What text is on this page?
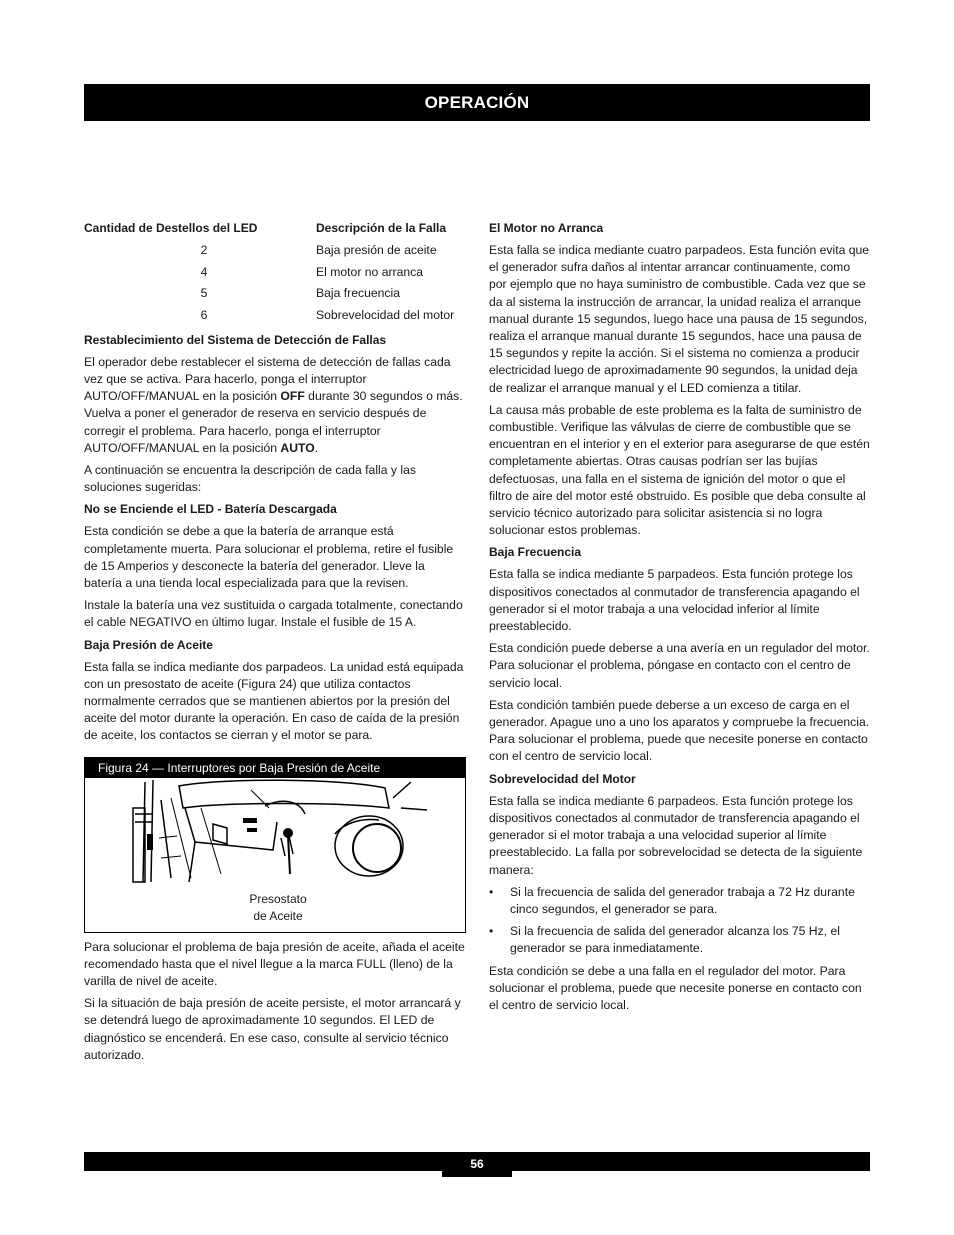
OPERACIÓN
Cantidad de Destellos del LED	Descripción de la Falla
2	Baja presión de aceite
4	El motor no arranca
5	Baja frecuencia
6	Sobrevelocidad del motor
Restablecimiento del Sistema de Detección de Fallas

El operador debe restablecer el sistema de detección de fallas cada vez que se activa. Para hacerlo, ponga el interruptor AUTO/OFF/MANUAL en la posición OFF durante 30 segundos o más. Vuelva a poner el generador de reserva en servicio después de corregir el problema. Para hacerlo, ponga el interruptor AUTO/OFF/MANUAL en la posición AUTO.

A continuación se encuentra la descripción de cada falla y las soluciones sugeridas:

No se Enciende el LED - Batería Descargada

Esta condición se debe a que la batería de arranque está completamente muerta. Para solucionar el problema, retire el fusible de 15 Amperios y desconecte la batería del generador. Lleve la batería a una tienda local especializada para que la revisen.

Instale la batería una vez sustituida o cargada totalmente, conectando el cable NEGATIVO en último lugar. Instale el fusible de 15 A.

Baja Presión de Aceite

Esta falla se indica mediante dos parpadeos. La unidad está equipada con un presostato de aceite (Figura 24) que utiliza contactos normalmente cerrados que se mantienen abiertos por la presión del aceite del motor durante la operación. En caso de caída de la presión de aceite, los contactos se cierran y el motor se para.

Figura 24 — Interruptores por Baja Presión de Aceite
Presostato
de Aceite

Para solucionar el problema de baja presión de aceite, añada el aceite recomendado hasta que el nivel llegue a la marca FULL (lleno) de la varilla de nivel de aceite.

Si la situación de baja presión de aceite persiste, el motor arrancará y se detendrá luego de aproximadamente 10 segundos. El LED de diagnóstico se encenderá. En ese caso, consulte al servicio técnico autorizado.

El Motor no Arranca

Esta falla se indica mediante cuatro parpadeos. Esta función evita que el generador sufra daños al intentar arrancar continuamente, como por ejemplo que no haya suministro de combustible. Cada vez que se da al sistema la instrucción de arrancar, la unidad realiza el arranque manual durante 15 segundos, luego hace una pausa de 15 segundos, realiza el arranque manual durante 15 segundos, hace una pausa de 15 segundos y repite la acción. Si el sistema no comienza a producir electricidad luego de aproximadamente 90 segundos, la unidad deja de realizar el arranque manual y el LED comienza a titilar.

La causa más probable de este problema es la falta de suministro de combustible. Verifique las válvulas de cierre de combustible que se encuentran en el interior y en el exterior para asegurarse de que estén completamente abiertas. Otras causas podrían ser las bujías defectuosas, una falla en el sistema de ignición del motor o que el filtro de aire del motor esté obstruido. Es posible que deba consulte al servicio técnico autorizado para solicitar asistencia si no logra solucionar estos problemas.

Baja Frecuencia

Esta falla se indica mediante 5 parpadeos. Esta función protege los dispositivos conectados al conmutador de transferencia apagando el generador si el motor trabaja a una velocidad inferior al límite preestablecido.

Esta condición puede deberse a una avería en un regulador del motor. Para solucionar el problema, póngase en contacto con el centro de servicio local.

Esta condición también puede deberse a un exceso de carga en el generador. Apague uno a uno los aparatos y compruebe la frecuencia. Para solucionar el problema, puede que necesite ponerse en contacto con el centro de servicio local.

Sobrevelocidad del Motor

Esta falla se indica mediante 6 parpadeos. Esta función protege los dispositivos conectados al conmutador de transferencia apagando el generador si el motor trabaja a una velocidad superior al límite preestablecido. La falla por sobrevelocidad se detecta de la siguiente manera:

• Si la frecuencia de salida del generador trabaja a 72 Hz durante cinco segundos, el generador se para.
• Si la frecuencia de salida del generador alcanza los 75 Hz, el generador se para inmediatamente.

Esta condición se debe a una falla en el regulador del motor. Para solucionar el problema, puede que necesite ponerse en contacto con el centro de servicio local.

56
